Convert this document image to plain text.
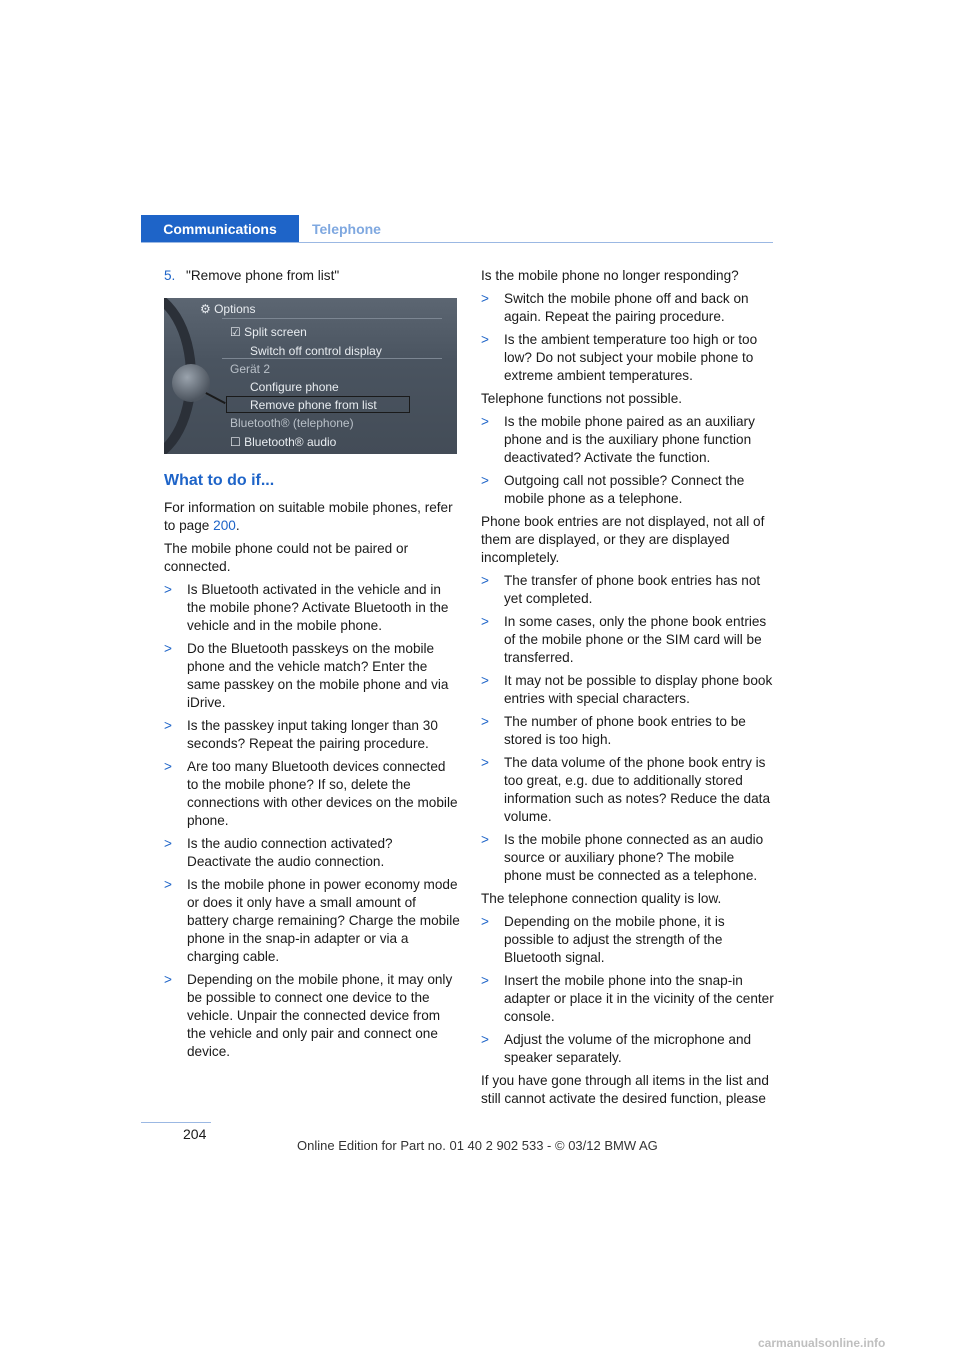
Communications	Telephone

5. "Remove phone from list"

⚙ Options
☑ Split screen
Switch off control display
Gerät 2
Configure phone
Remove phone from list
Bluetooth® (telephone)
☐ Bluetooth® audio
What to do if...

For information on suitable mobile phones, refer to page 200.

The mobile phone could not be paired or connected.

> Is Bluetooth activated in the vehicle and in the mobile phone? Activate Bluetooth in the vehicle and in the mobile phone.
> Do the Bluetooth passkeys on the mobile phone and the vehicle match? Enter the same passkey on the mobile phone and via iDrive.
> Is the passkey input taking longer than 30 seconds? Repeat the pairing procedure.
> Are too many Bluetooth devices connected to the mobile phone? If so, delete the connections with other devices on the mobile phone.
> Is the audio connection activated? Deactivate the audio connection.
> Is the mobile phone in power economy mode or does it only have a small amount of battery charge remaining? Charge the mobile phone in the snap-in adapter or via a charging cable.
> Depending on the mobile phone, it may only be possible to connect one device to the vehicle. Unpair the connected device from the vehicle and only pair and connect one device.

Is the mobile phone no longer responding?

> Switch the mobile phone off and back on again. Repeat the pairing procedure.
> Is the ambient temperature too high or too low? Do not subject your mobile phone to extreme ambient temperatures.

Telephone functions not possible.

> Is the mobile phone paired as an auxiliary phone and is the auxiliary phone function deactivated? Activate the function.
> Outgoing call not possible? Connect the mobile phone as a telephone.

Phone book entries are not displayed, not all of them are displayed, or they are displayed incompletely.

> The transfer of phone book entries has not yet completed.
> In some cases, only the phone book entries of the mobile phone or the SIM card will be transferred.
> It may not be possible to display phone book entries with special characters.
> The number of phone book entries to be stored is too high.
> The data volume of the phone book entry is too great, e.g. due to additionally stored information such as notes? Reduce the data volume.
> Is the mobile phone connected as an audio source or auxiliary phone? The mobile phone must be connected as a telephone.

The telephone connection quality is low.

> Depending on the mobile phone, it is possible to adjust the strength of the Bluetooth signal.
> Insert the mobile phone into the snap-in adapter or place it in the vicinity of the center console.
> Adjust the volume of the microphone and speaker separately.

If you have gone through all items in the list and still cannot activate the desired function, please

204
Online Edition for Part no. 01 40 2 902 533 - © 03/12 BMW AG
carmanualsonline.info
